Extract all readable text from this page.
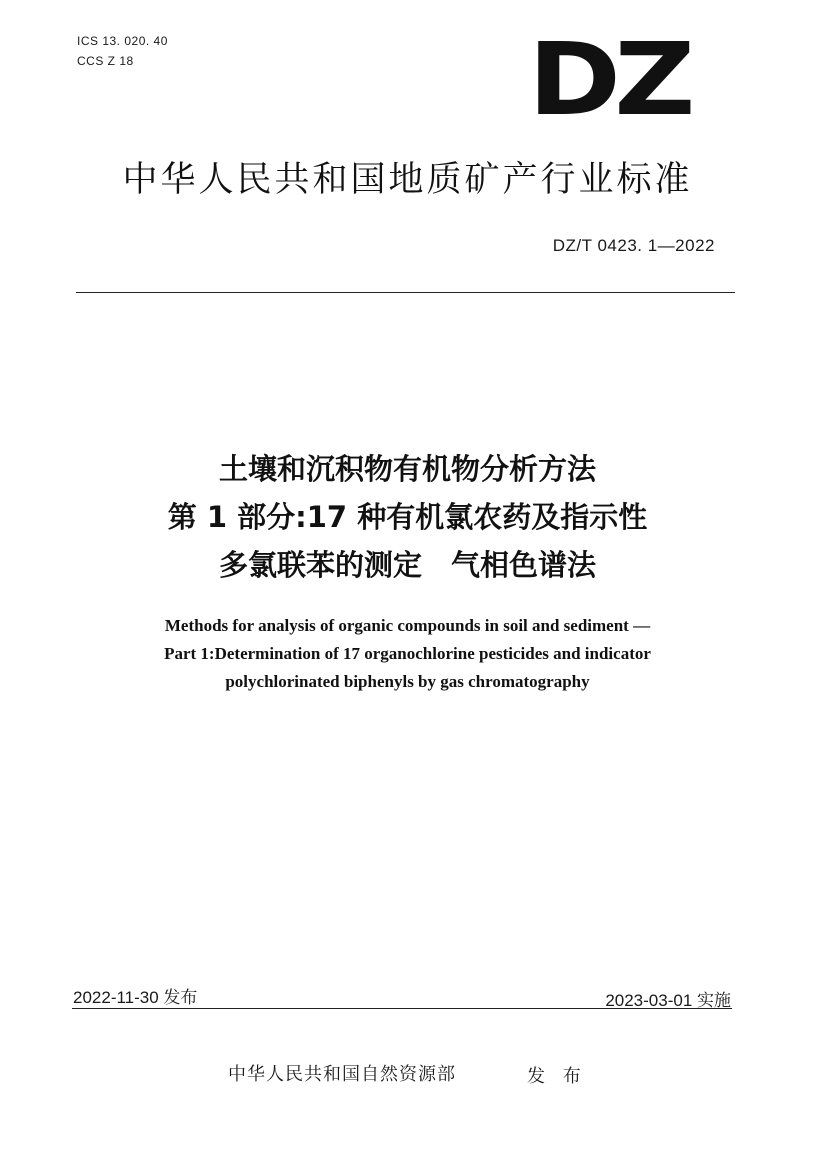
ICS 13. 020. 40
CCS Z 18	DZ
中华人民共和国地质矿产行业标准
DZ/T 0423. 1—2022
土壤和沉积物有机物分析方法
第 1 部分:17 种有机氯农药及指示性
多氯联苯的测定　气相色谱法
Methods for analysis of organic compounds in soil and sediment —
Part 1:Determination of 17 organochlorine pesticides and indicator
polychlorinated biphenyls by gas chromatography
2022-11-30 发布	2023-03-01 实施
中华人民共和国自然资源部	发 布
